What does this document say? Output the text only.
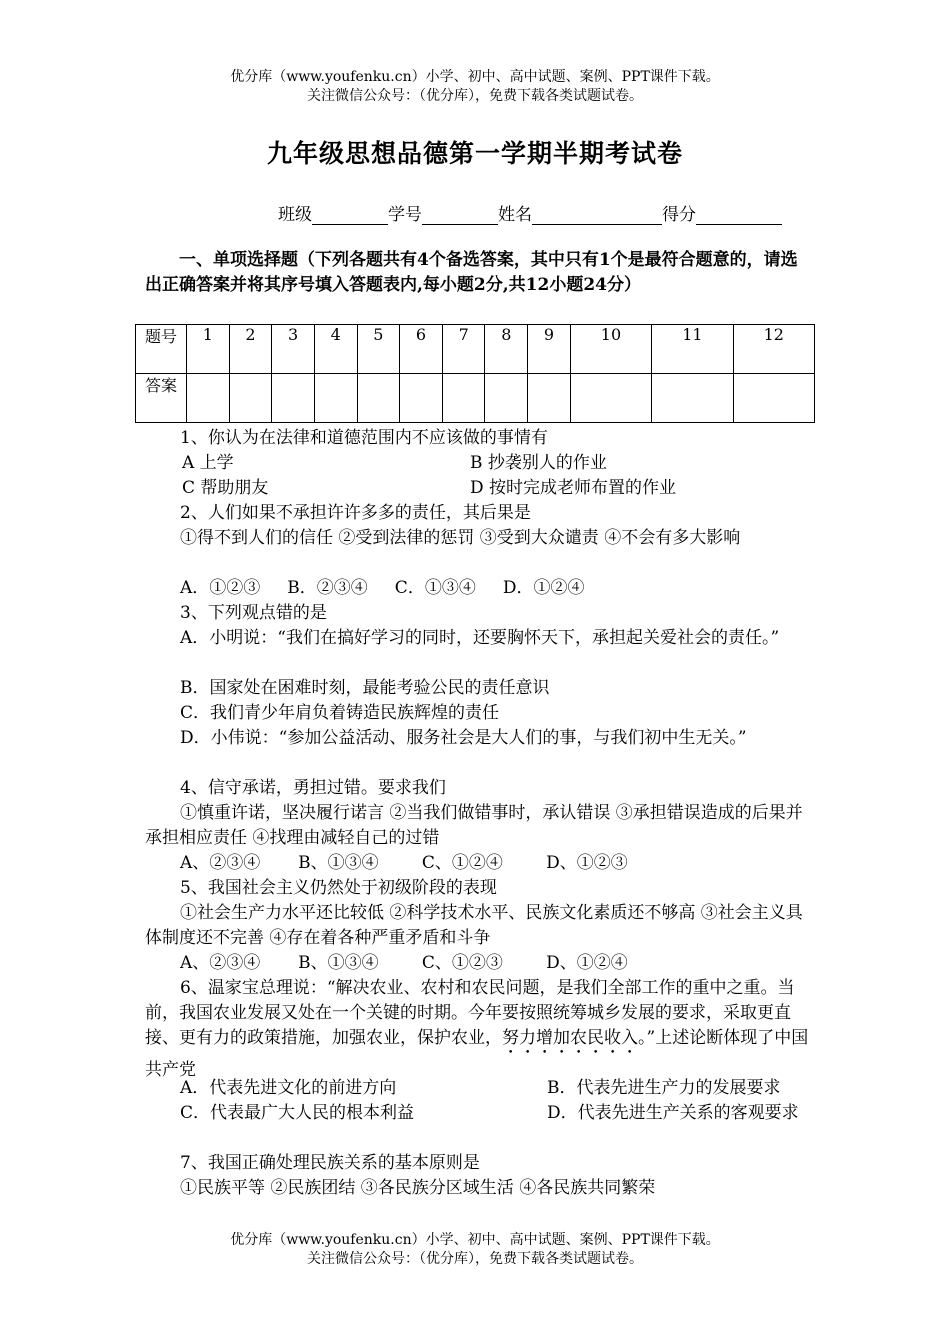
优分库（www.youfenku.cn）小学、初中、高中试题、案例、PPT课件下载。
关注微信公众号：（优分库），免费下载各类试题试卷。
九年级思想品德第一学期半期考试卷
班级	学号	姓名	得分
一、单项选择题（下列各题共有4个备选答案，其中只有1个是最符合题意的，请选出正确答案并将其序号填入答题表内,每小题2分,共12小题24分）
题号	1	2	3	4	5	6	7	8	9	10	11	12
答案												
1、你认为在法律和道德范围内不应该做的事情有
A 上学	B 抄袭别人的作业
C 帮助朋友	D 按时完成老师布置的作业
2、人们如果不承担许许多多的责任，其后果是
①得不到人们的信任 ②受到法律的惩罚 ③受到大众谴责 ④不会有多大影响
A．①②③     B．②③④     C．①③④     D．①②④
3、下列观点错的是
A．小明说：“我们在搞好学习的同时，还要胸怀天下，承担起关爱社会的责任。”
B．国家处在困难时刻，最能考验公民的责任意识
C．我们青少年肩负着铸造民族辉煌的责任
D．小伟说：“参加公益活动、服务社会是大人们的事，与我们初中生无关。”
4、信守承诺，勇担过错。要求我们
①慎重许诺，坚决履行诺言 ②当我们做错事时，承认错误 ③承担错误造成的后果并承担相应责任 ④找理由减轻自己的过错
A、②③④       B、①③④        C、①②④        D、①②③
5、我国社会主义仍然处于初级阶段的表现
①社会生产力水平还比较低 ②科学技术水平、民族文化素质还不够高 ③社会主义具体制度还不完善 ④存在着各种严重矛盾和斗争
A、②③④       B、①③④        C、①②③        D、①②④
6、温家宝总理说：“解决农业、农村和农民问题，是我们全部工作的重中之重。当前，我国农业发展又处在一个关键的时期。今年要按照统筹城乡发展的要求，采取更直接、更有力的政策措施，加强农业，保护农业，努力增加农民收入。”上述论断体现了中国共产党
A．代表先进文化的前进方向	B．代表先进生产力的发展要求
C．代表最广大人民的根本利益	D．代表先进生产关系的客观要求
7、我国正确处理民族关系的基本原则是
①民族平等 ②民族团结 ③各民族分区域生活 ④各民族共同繁荣
优分库（www.youfenku.cn）小学、初中、高中试题、案例、PPT课件下载。
关注微信公众号：（优分库），免费下载各类试题试卷。
